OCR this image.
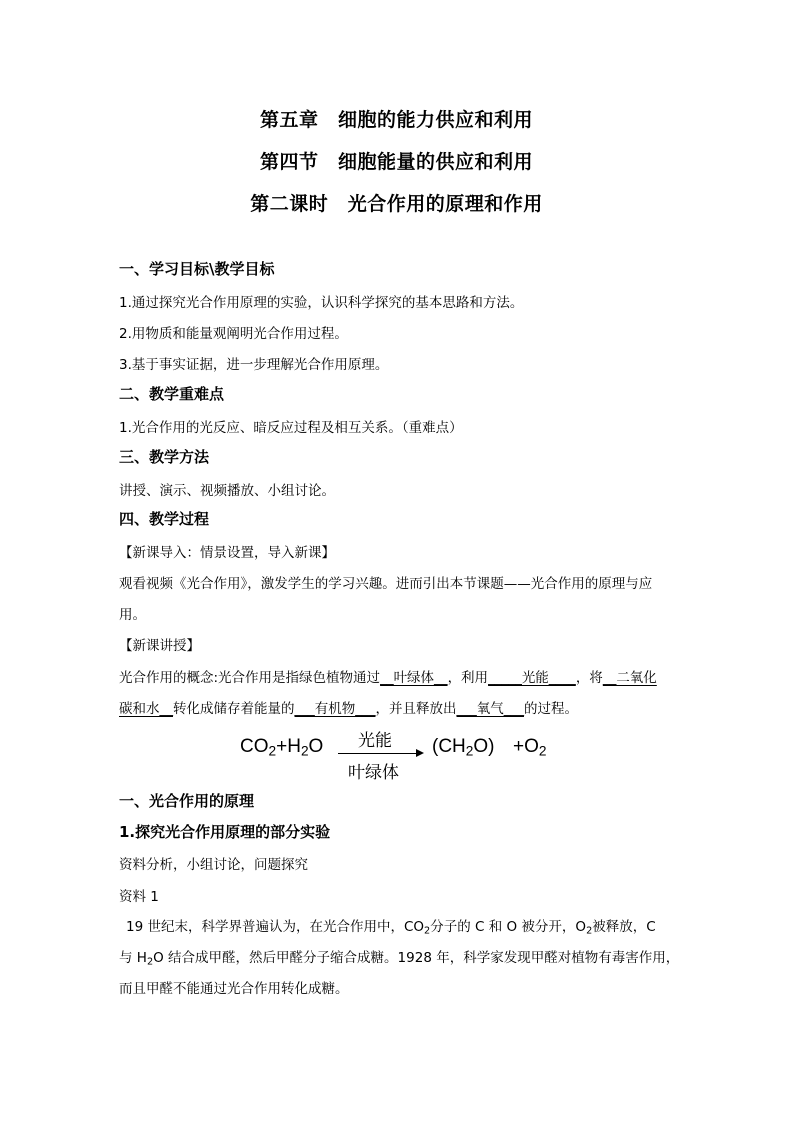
第五章　细胞的能力供应和利用
第四节　细胞能量的供应和利用
第二课时　光合作用的原理和作用
一、学习目标\教学目标
1.通过探究光合作用原理的实验，认识科学探究的基本思路和方法。
2.用物质和能量观阐明光合作用过程。
3.基于事实证据，进一步理解光合作用原理。
二、教学重难点
1.光合作用的光反应、暗反应过程及相互关系。（重难点）
三、教学方法
讲授、演示、视频播放、小组讨论。
四、教学过程
【新课导入：情景设置，导入新课】
观看视频《光合作用》，激发学生的学习兴趣。进而引出本节课题——光合作用的原理与应
用。
【新课讲授】
光合作用的概念:光合作用是指绿色植物通过__叶绿体__，利用_____光能____，将__二氧化
碳和水__转化成储存着能量的___有机物___，并且释放出___氧气___的过程。
$CO_2+H_2O$ 光能
叶绿体
$(CH_2O) +O_2$
一、光合作用的原理
1.探究光合作用原理的部分实验
资料分析，小组讨论，问题探究
资料 1
19 世纪末，科学界普遍认为，在光合作用中，$CO_2$分子的 C 和 O 被分开，$O_2$被释放，C
与 $H_2O$ 结合成甲醛，然后甲醛分子缩合成糖。1928 年，科学家发现甲醛对植物有毒害作用，
而且甲醛不能通过光合作用转化成糖。
